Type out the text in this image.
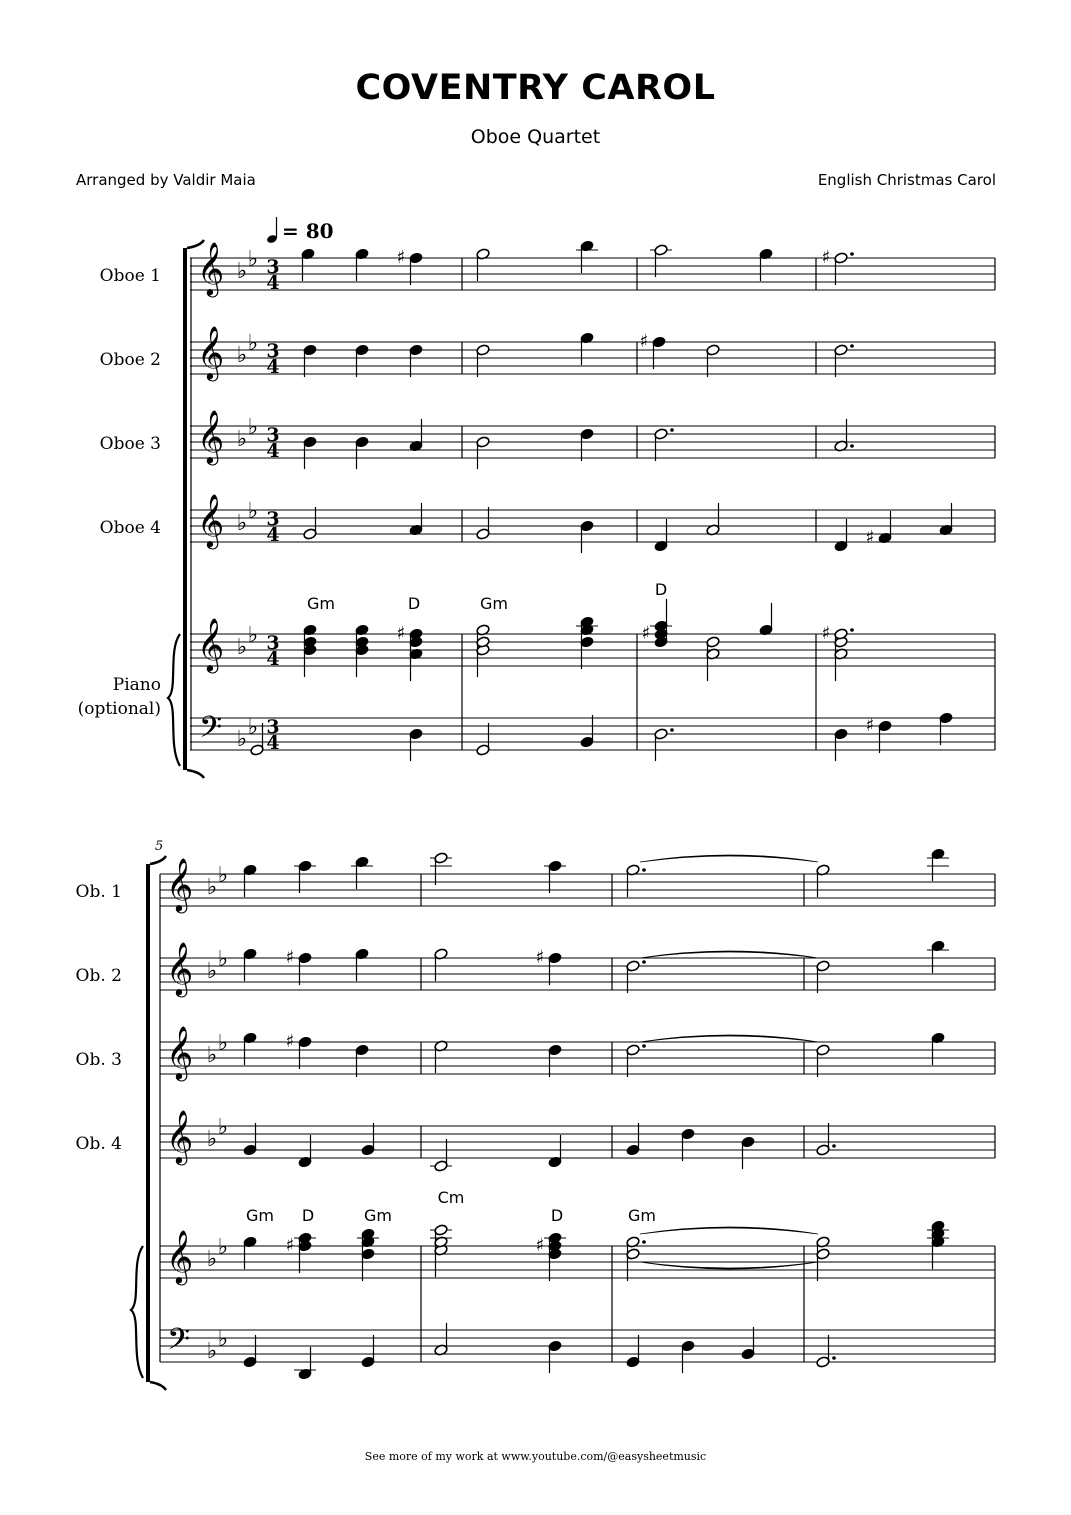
COVENTRY CAROL
Oboe Quartet
Arranged by Valdir Maia	English Christmas Carol
Oboe 1
Oboe 2
Oboe 3
Oboe 4
Piano
(optional)
𝄞 ♭ ♭ 3
4
𝄞 ♭ ♭ 3
4
𝄞 ♭ ♭ 3
4
𝄞 ♭ ♭ 3
4
𝄞 ♭ ♭ 3
4
𝄢 ♭ ♭ 3
4
= 80
♯	♯
♯
♯
♯	♯	♯
♯
Gm	D	Gm
D
Ob. 1
Ob. 2
Ob. 3
Ob. 4
5
𝄞 ♭ ♭
𝄞 ♭ ♭
𝄞 ♭ ♭
𝄞 ♭ ♭
𝄞 ♭ ♭
𝄢 ♭ ♭
♯	♯
♯
♯	♯
Gm D	Gm
Cm
D	Gm
See more of my work at www.youtube.com/@easysheetmusic
